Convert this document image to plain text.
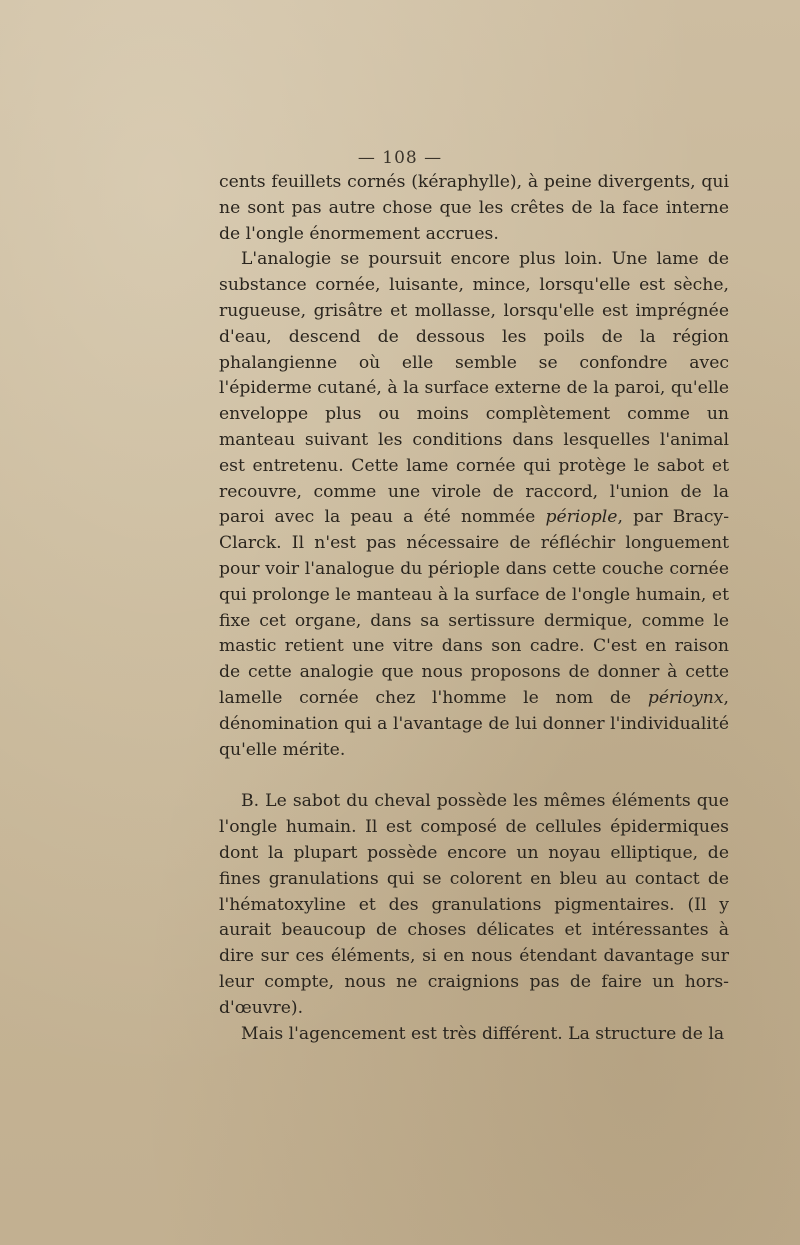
— 108 —

cents feuillets cornés (kéraphylle), à peine divergents, qui ne sont pas autre chose que les crêtes de la face interne de l'ongle énormement accrues.

L'analogie se poursuit encore plus loin. Une lame de substance cornée, luisante, mince, lorsqu'elle est sèche, rugueuse, grisâtre et mollasse, lorsqu'elle est imprégnée d'eau, descend de dessous les poils de la région phalangienne où elle semble se confondre avec l'épiderme cutané, à la surface externe de la paroi, qu'elle enveloppe plus ou moins complètement comme un manteau suivant les conditions dans lesquelles l'animal est entretenu. Cette lame cornée qui protège le sabot et recouvre, comme une virole de raccord, l'union de la paroi avec la peau a été nommée périople, par Bracy-Clarck. Il n'est pas nécessaire de réfléchir longuement pour voir l'analogue du périople dans cette couche cornée qui prolonge le manteau à la surface de l'ongle humain, et fixe cet organe, dans sa sertissure dermique, comme le mastic retient une vitre dans son cadre. C'est en raison de cette analogie que nous proposons de donner à cette lamelle cornée chez l'homme le nom de périoynx, dénomination qui a l'avantage de lui donner l'individualité qu'elle mérite.

B. Le sabot du cheval possède les mêmes éléments que l'ongle humain. Il est composé de cellules épidermiques dont la plupart possède encore un noyau elliptique, de fines granulations qui se colorent en bleu au contact de l'hématoxyline et des granulations pigmentaires. (Il y aurait beaucoup de choses délicates et intéressantes à dire sur ces éléments, si en nous étendant davantage sur leur compte, nous ne craignions pas de faire un hors-d'œuvre).

Mais l'agencement est très différent. La structure de la
